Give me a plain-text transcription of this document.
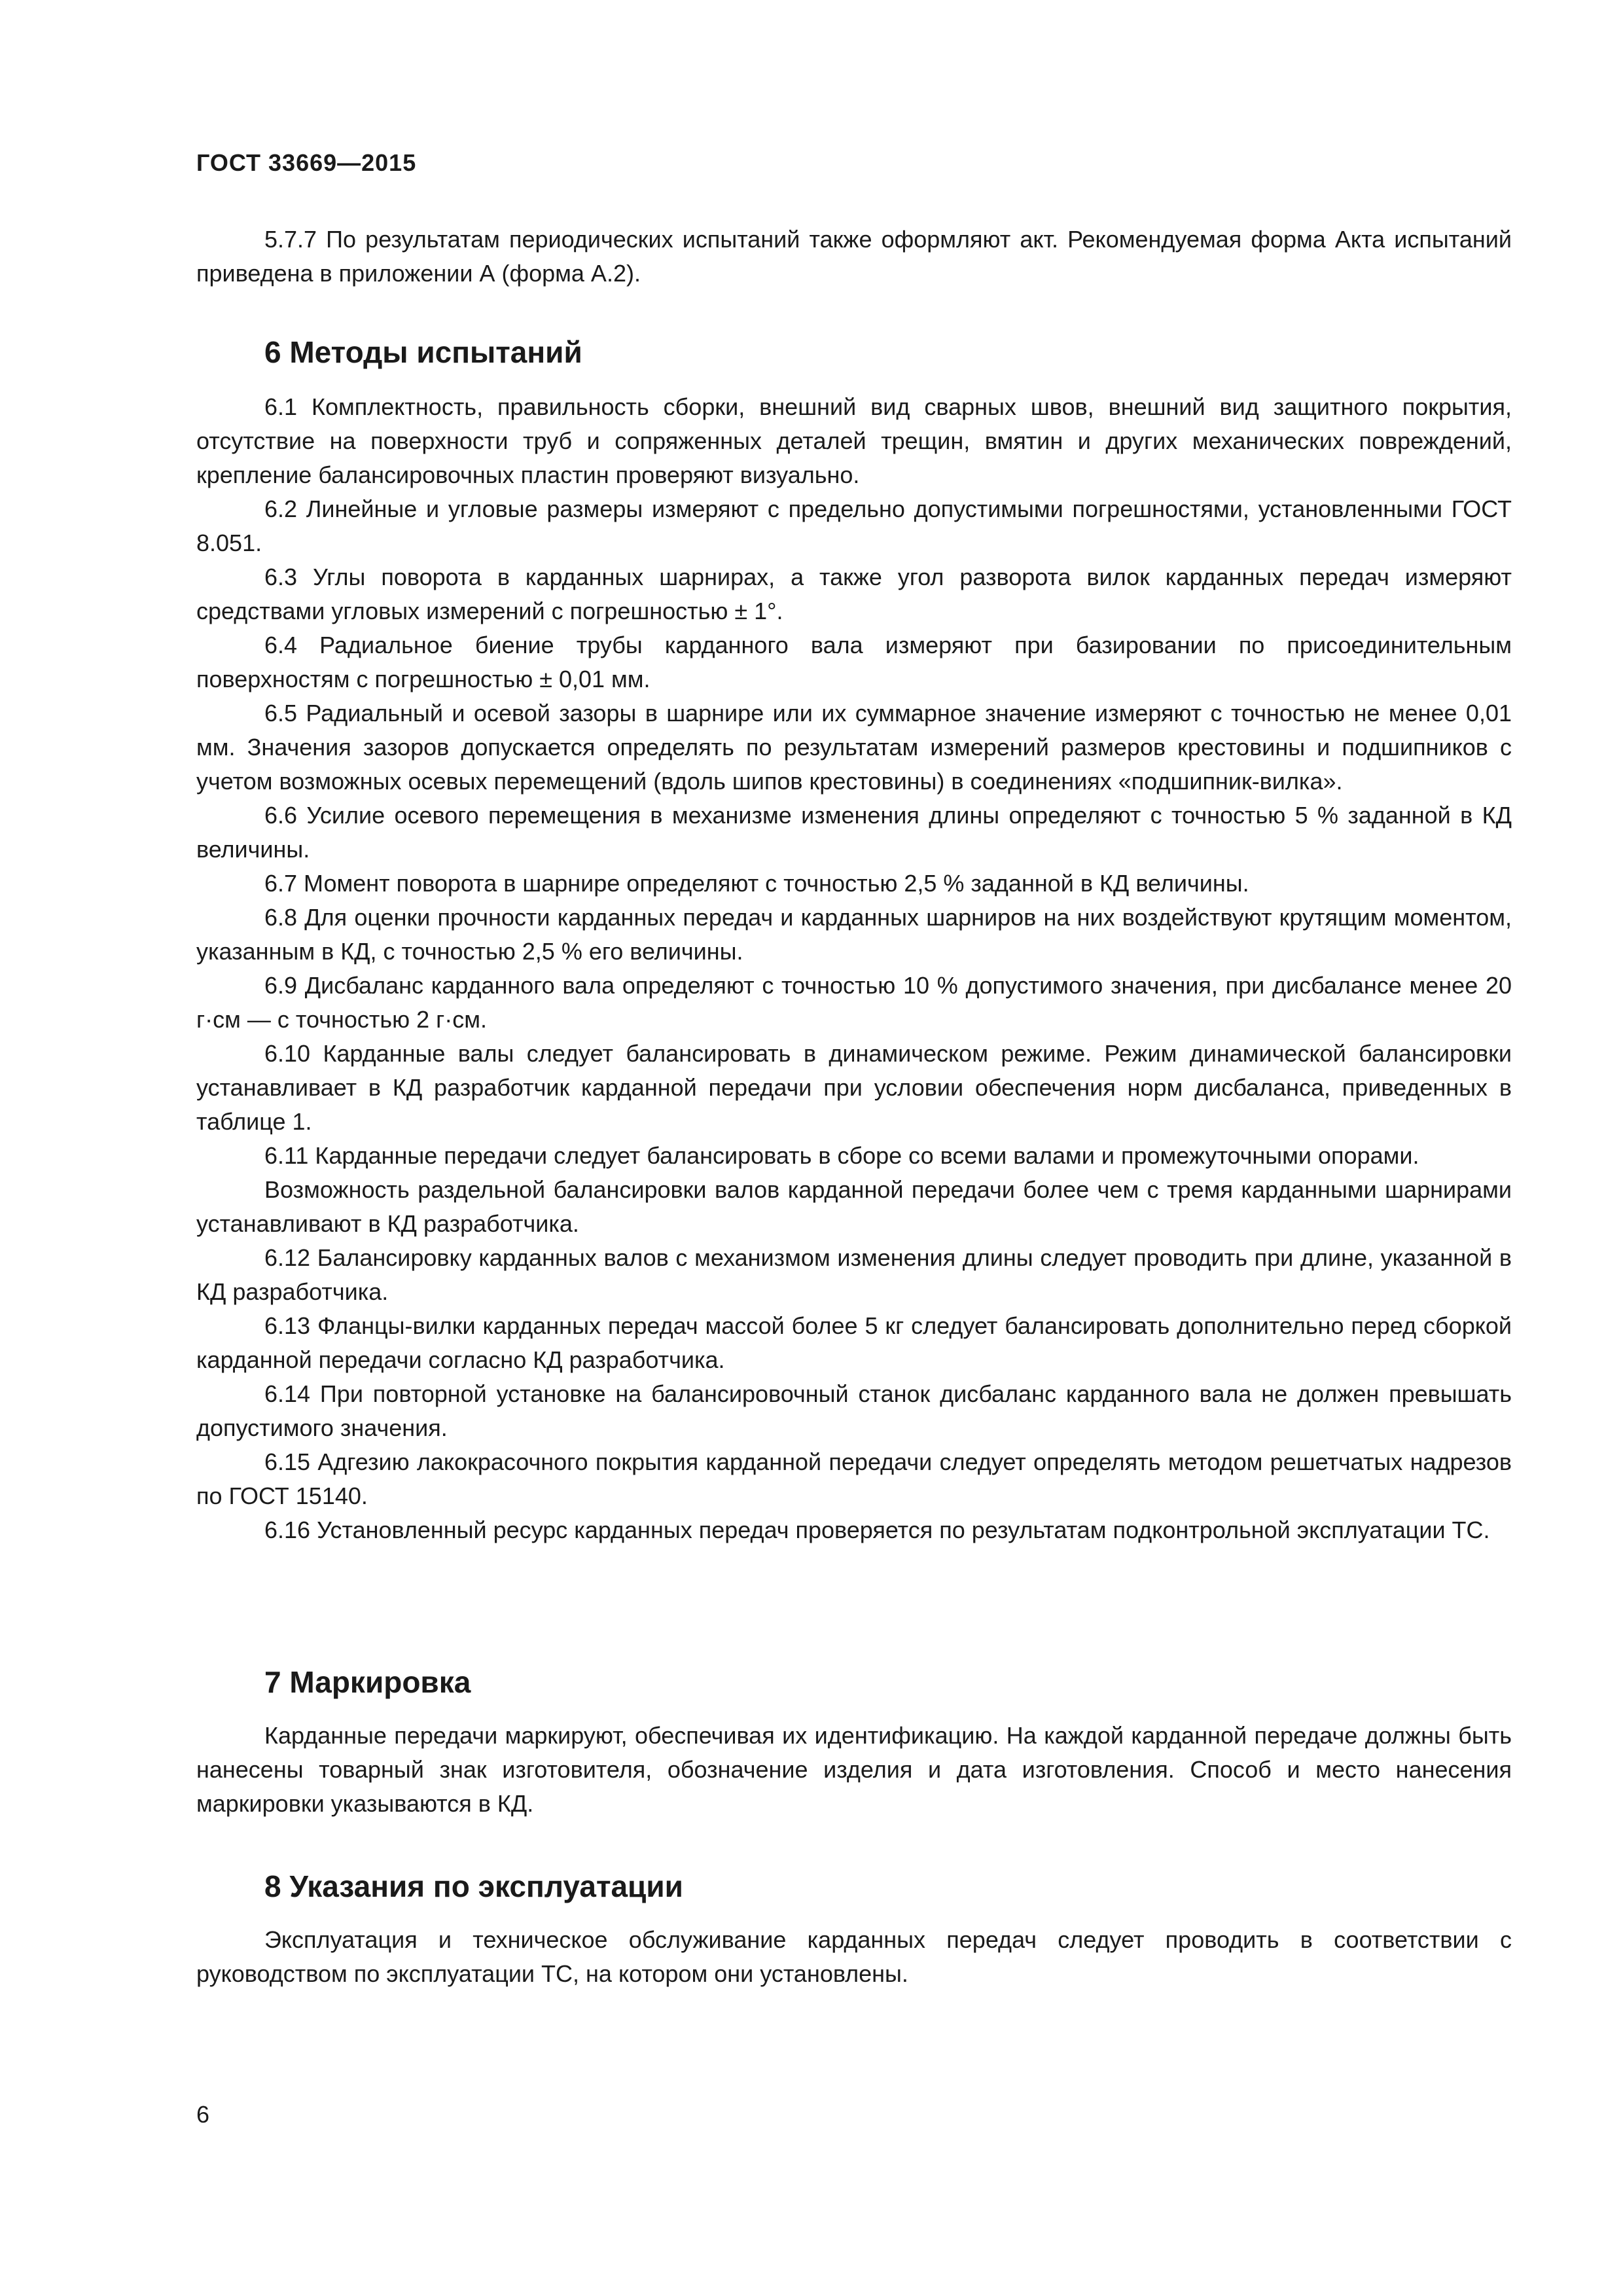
ГОСТ 33669—2015

5.7.7 По результатам периодических испытаний также оформляют акт. Рекомендуемая форма Акта испытаний приведена в приложении А (форма А.2).

6 Методы испытаний

6.1 Комплектность, правильность сборки, внешний вид сварных швов, внешний вид защитного покрытия, отсутствие на поверхности труб и сопряженных деталей трещин, вмятин и других механических повреждений, крепление балансировочных пластин проверяют визуально.

6.2 Линейные и угловые размеры измеряют с предельно допустимыми погрешностями, установленными ГОСТ 8.051.

6.3 Углы поворота в карданных шарнирах, а также угол разворота вилок карданных передач измеряют средствами угловых измерений с погрешностью ± 1°.

6.4 Радиальное биение трубы карданного вала измеряют при базировании по присоединительным поверхностям с погрешностью ± 0,01 мм.

6.5 Радиальный и осевой зазоры в шарнире или их суммарное значение измеряют с точностью не менее 0,01 мм. Значения зазоров допускается определять по результатам измерений размеров крестовины и подшипников с учетом возможных осевых перемещений (вдоль шипов крестовины) в соединениях «подшипник-вилка».

6.6 Усилие осевого перемещения в механизме изменения длины определяют с точностью 5 % заданной в КД величины.

6.7 Момент поворота в шарнире определяют с точностью 2,5 % заданной в КД величины.

6.8 Для оценки прочности карданных передач и карданных шарниров на них воздействуют крутящим моментом, указанным в КД, с точностью 2,5 % его величины.

6.9 Дисбаланс карданного вала определяют с точностью 10 % допустимого значения, при дисбалансе менее 20 г·см — с точностью 2 г·см.

6.10 Карданные валы следует балансировать в динамическом режиме. Режим динамической балансировки устанавливает в КД разработчик карданной передачи при условии обеспечения норм дисбаланса, приведенных в таблице 1.

6.11 Карданные передачи следует балансировать в сборе со всеми валами и промежуточными опорами.

Возможность раздельной балансировки валов карданной передачи более чем с тремя карданными шарнирами устанавливают в КД разработчика.

6.12 Балансировку карданных валов с механизмом изменения длины следует проводить при длине, указанной в КД разработчика.

6.13 Фланцы-вилки карданных передач массой более 5 кг следует балансировать дополнительно перед сборкой карданной передачи согласно КД разработчика.

6.14 При повторной установке на балансировочный станок дисбаланс карданного вала не должен превышать допустимого значения.

6.15 Адгезию лакокрасочного покрытия карданной передачи следует определять методом решетчатых надрезов по ГОСТ 15140.

6.16 Установленный ресурс карданных передач проверяется по результатам подконтрольной эксплуатации ТС.

7 Маркировка

Карданные передачи маркируют, обеспечивая их идентификацию. На каждой карданной передаче должны быть нанесены товарный знак изготовителя, обозначение изделия и дата изготовления. Способ и место нанесения маркировки указываются в КД.

8 Указания по эксплуатации

Эксплуатация и техническое обслуживание карданных передач следует проводить в соответствии с руководством по эксплуатации ТС, на котором они установлены.

6
